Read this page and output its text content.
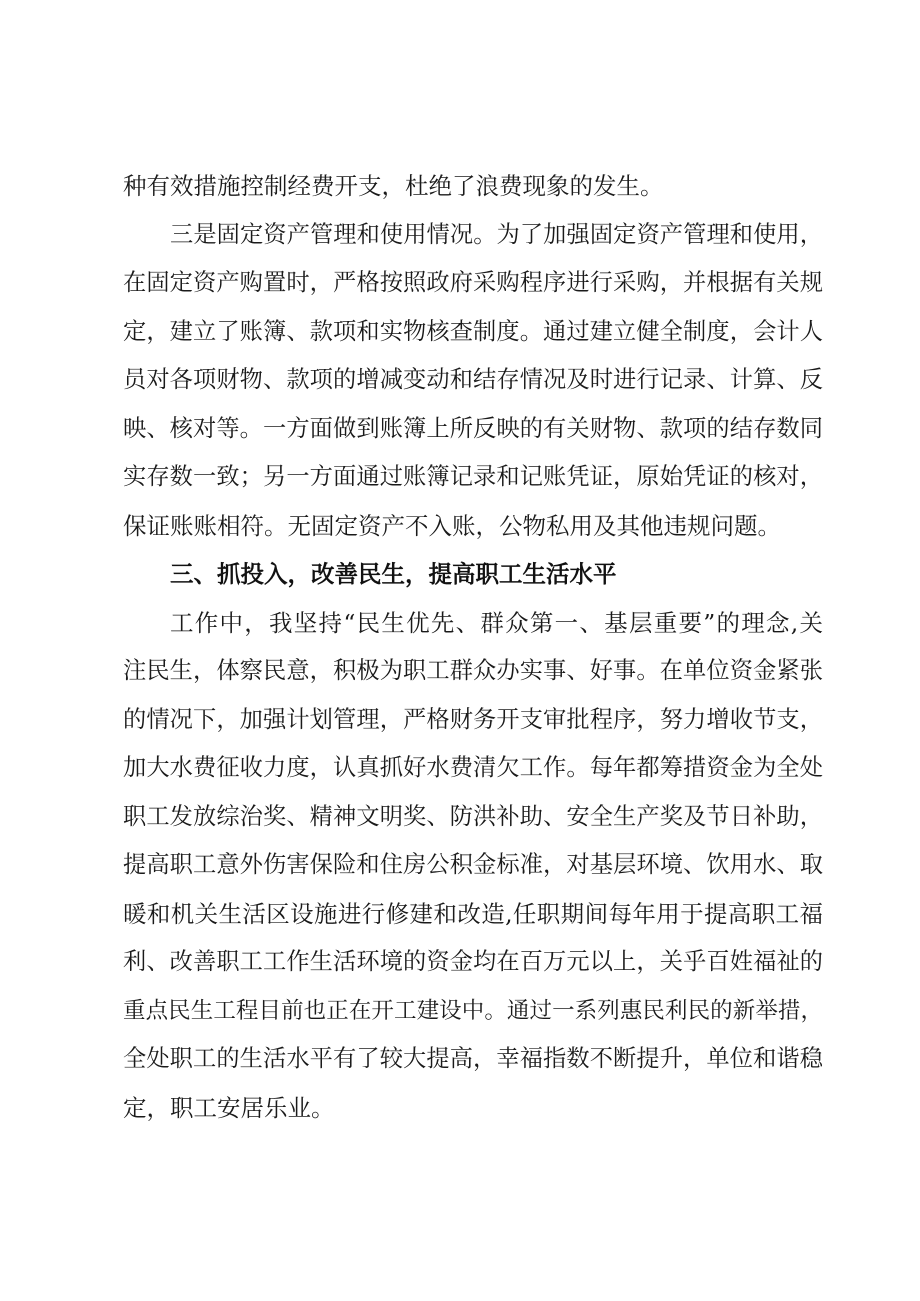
种有效措施控制经费开支，杜绝了浪费现象的发生。
三是固定资产管理和使用情况。为了加强固定资产管理和使用，
在固定资产购置时，严格按照政府采购程序进行采购，并根据有关规
定，建立了账簿、款项和实物核查制度。通过建立健全制度，会计人
员对各项财物、款项的增减变动和结存情况及时进行记录、计算、反
映、核对等。一方面做到账簿上所反映的有关财物、款项的结存数同
实存数一致；另一方面通过账簿记录和记账凭证，原始凭证的核对，
保证账账相符。无固定资产不入账，公物私用及其他违规问题。
三、抓投入，改善民生，提高职工生活水平
工作中，我坚持“民生优先、群众第一、基层重要”的理念,关
注民生，体察民意，积极为职工群众办实事、好事。在单位资金紧张
的情况下，加强计划管理，严格财务开支审批程序，努力增收节支，
加大水费征收力度，认真抓好水费清欠工作。每年都筹措资金为全处
职工发放综治奖、精神文明奖、防洪补助、安全生产奖及节日补助，
提高职工意外伤害保险和住房公积金标准，对基层环境、饮用水、取
暖和机关生活区设施进行修建和改造,任职期间每年用于提高职工福
利、改善职工工作生活环境的资金均在百万元以上，关乎百姓福祉的
重点民生工程目前也正在开工建设中。通过一系列惠民利民的新举措，
全处职工的生活水平有了较大提高，幸福指数不断提升，单位和谐稳
定，职工安居乐业。
